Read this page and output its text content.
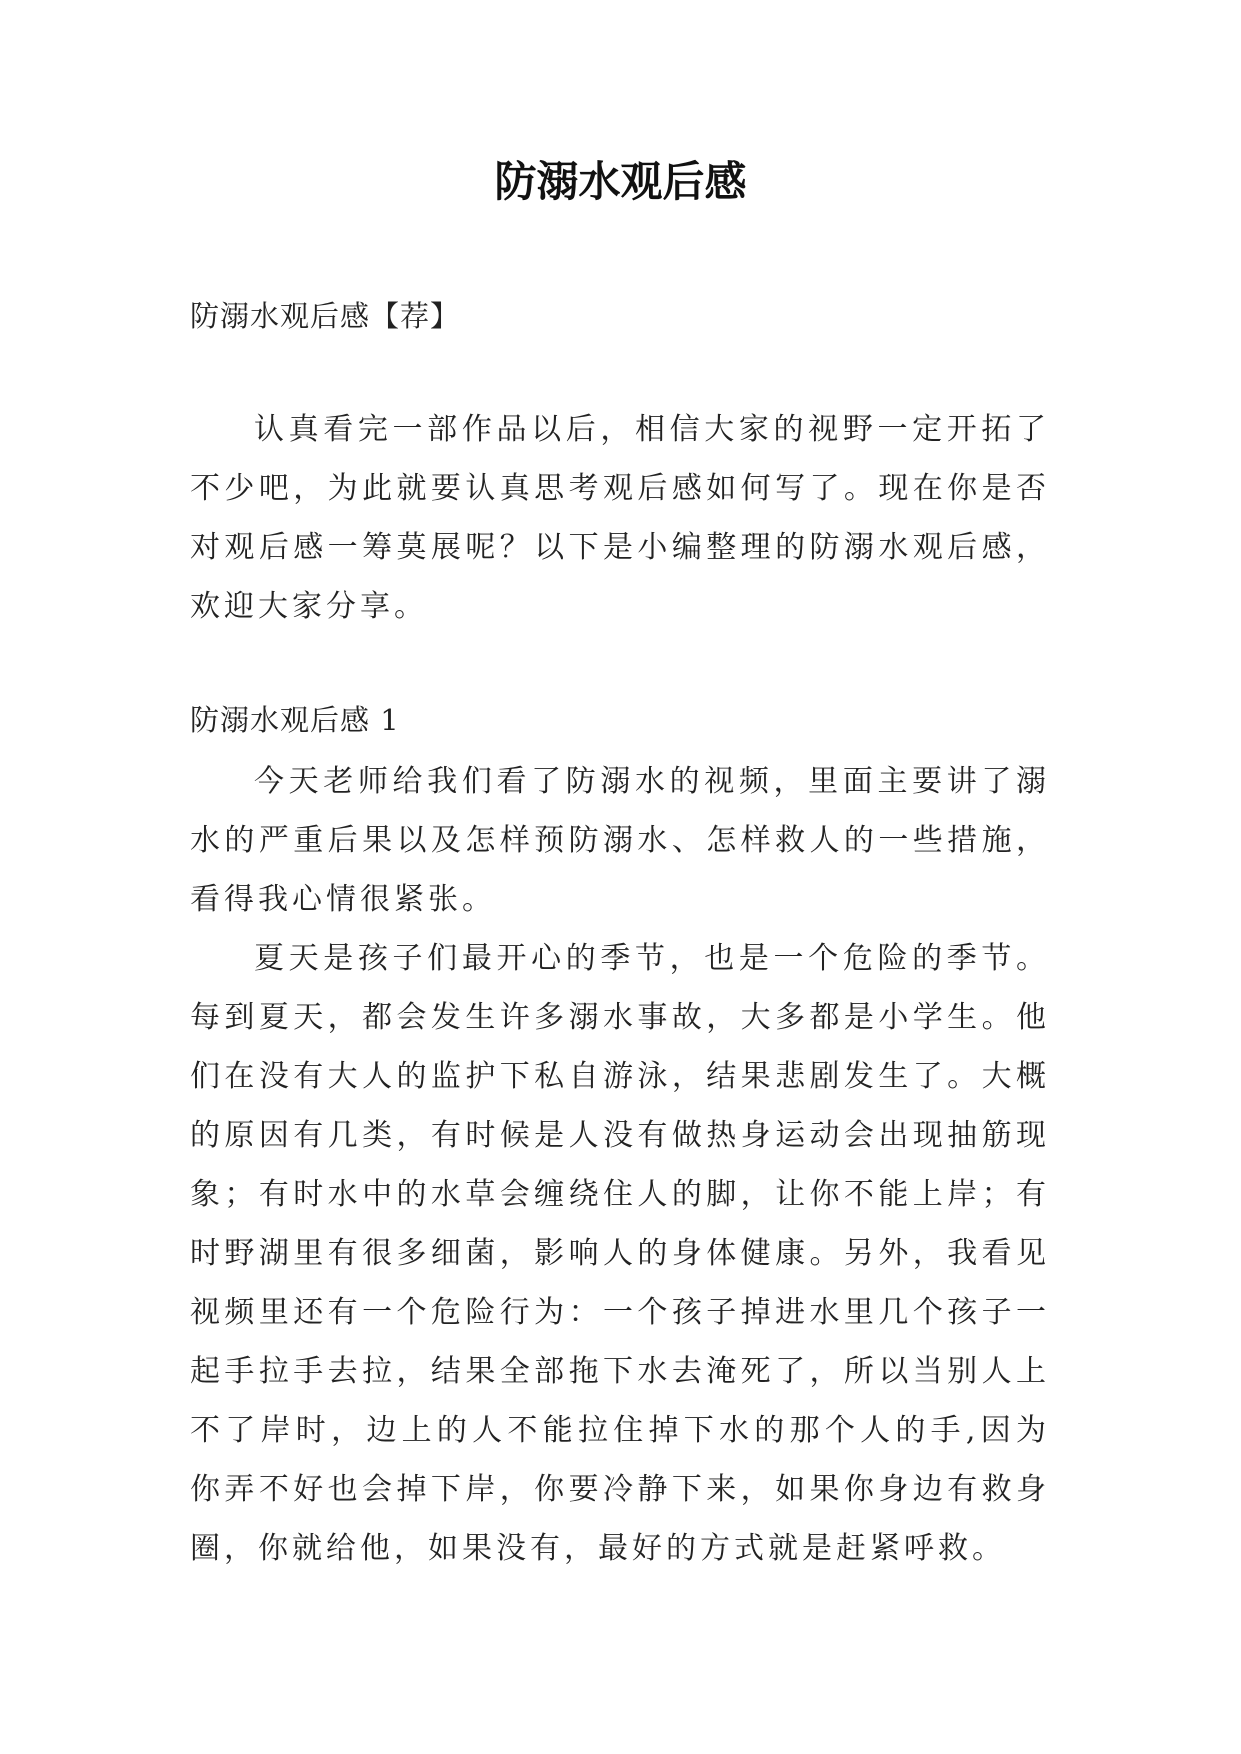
防溺水观后感

防溺水观后感【荐】

认真看完一部作品以后，相信大家的视野一定开拓了不少吧，为此就要认真思考观后感如何写了。现在你是否对观后感一筹莫展呢？以下是小编整理的防溺水观后感，欢迎大家分享。

防溺水观后感 1

今天老师给我们看了防溺水的视频，里面主要讲了溺水的严重后果以及怎样预防溺水、怎样救人的一些措施，看得我心情很紧张。

夏天是孩子们最开心的季节，也是一个危险的季节。每到夏天，都会发生许多溺水事故，大多都是小学生。他们在没有大人的监护下私自游泳，结果悲剧发生了。大概的原因有几类，有时候是人没有做热身运动会出现抽筋现象；有时水中的水草会缠绕住人的脚，让你不能上岸；有时野湖里有很多细菌，影响人的身体健康。另外，我看见视频里还有一个危险行为：一个孩子掉进水里几个孩子一起手拉手去拉，结果全部拖下水去淹死了，所以当别人上不了岸时，边上的人不能拉住掉下水的那个人的手,因为你弄不好也会掉下岸，你要冷静下来，如果你身边有救身圈，你就给他，如果没有，最好的方式就是赶紧呼救。
